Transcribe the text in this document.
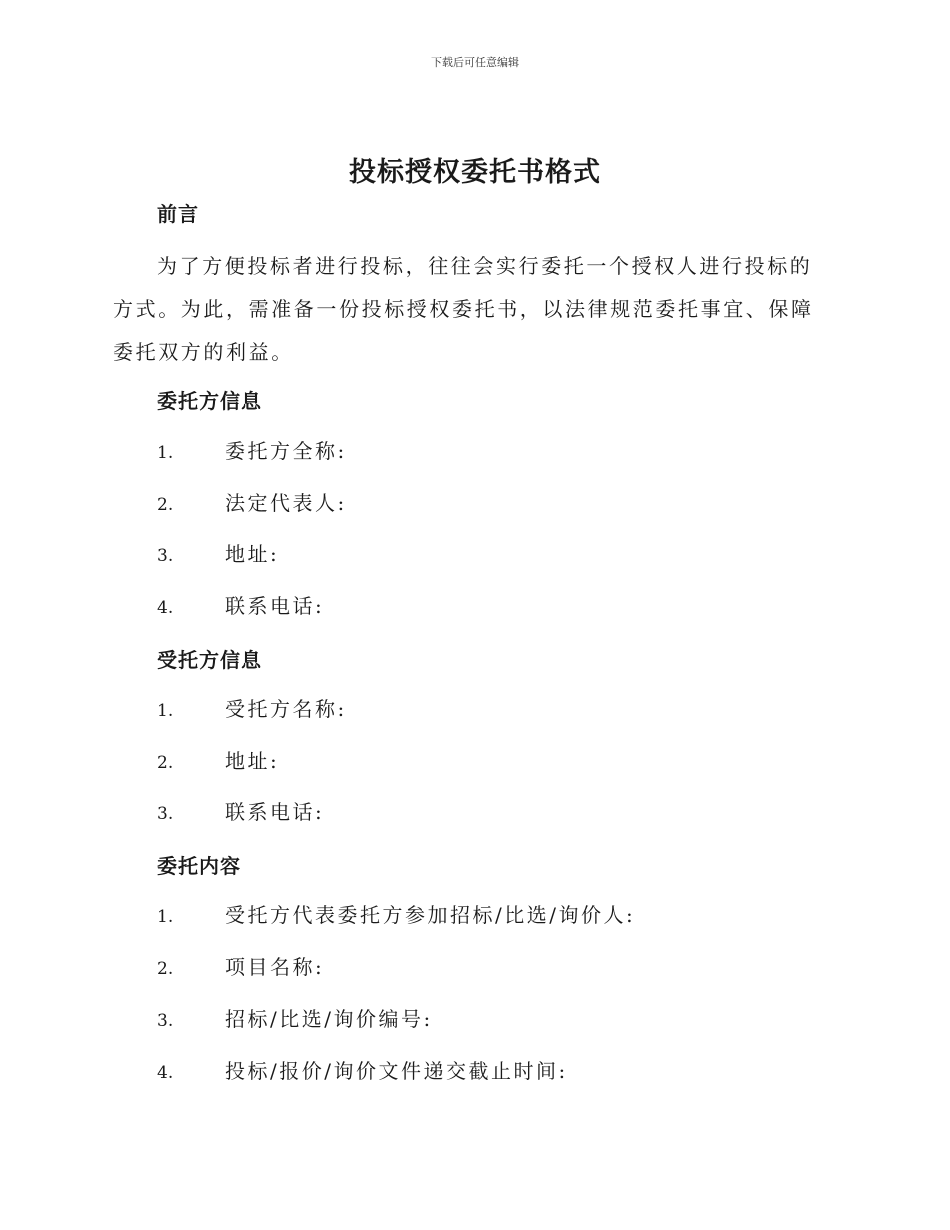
下载后可任意编辑
投标授权委托书格式
前言

为了方便投标者进行投标，往往会实行委托一个授权人进行投标的方式。为此，需准备一份投标授权委托书，以法律规范委托事宜、保障委托双方的利益。

委托方信息
1.	委托方全称:
2.	法定代表人:
3.	地址:
4.	联系电话:
受托方信息
1.	受托方名称:
2.	地址:
3.	联系电话:
委托内容
1.	受托方代表委托方参加招标/比选/询价人:
2.	项目名称:
3.	招标/比选/询价编号:
4.	投标/报价/询价文件递交截止时间:
